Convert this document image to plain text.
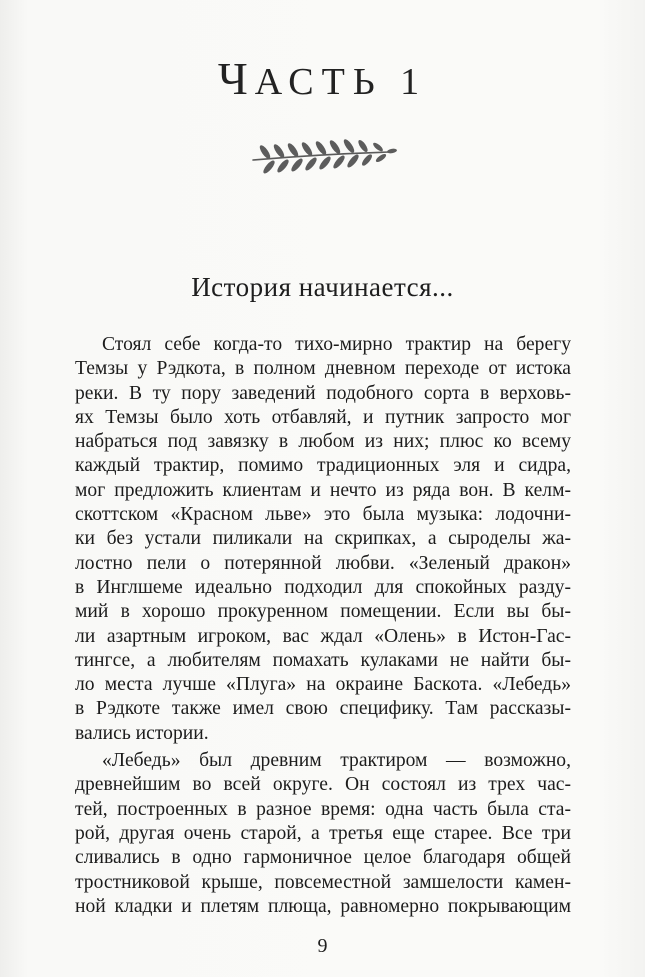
ЧАСТЬ 1
История начинается...
Стоял себе когда-то тихо-мирно трактир на берегу
Темзы у Рэдкота, в полном дневном переходе от истока
реки. В ту пору заведений подобного сорта в верховь-
ях Темзы было хоть отбавляй, и путник запросто мог
набраться под завязку в любом из них; плюс ко всему
каждый трактир, помимо традиционных эля и сидра,
мог предложить клиентам и нечто из ряда вон. В келм-
скоттском «Красном льве» это была музыка: лодочни-
ки без устали пиликали на скрипках, а сыроделы жа-
лостно пели о потерянной любви. «Зеленый дракон»
в Инглшеме идеально подходил для спокойных разду-
мий в хорошо прокуренном помещении. Если вы бы-
ли азартным игроком, вас ждал «Олень» в Истон-Гас-
тингсе, а любителям помахать кулаками не найти бы-
ло места лучше «Плуга» на окраине Баскота. «Лебедь»
в Рэдкоте также имел свою специфику. Там рассказы-
вались истории.
«Лебедь» был древним трактиром — возможно,
древнейшим во всей округе. Он состоял из трех час-
тей, построенных в разное время: одна часть была ста-
рой, другая очень старой, а третья еще старее. Все три
сливались в одно гармоничное целое благодаря общей
тростниковой крыше, повсеместной замшелости камен-
ной кладки и плетям плюща, равномерно покрывающим
9
